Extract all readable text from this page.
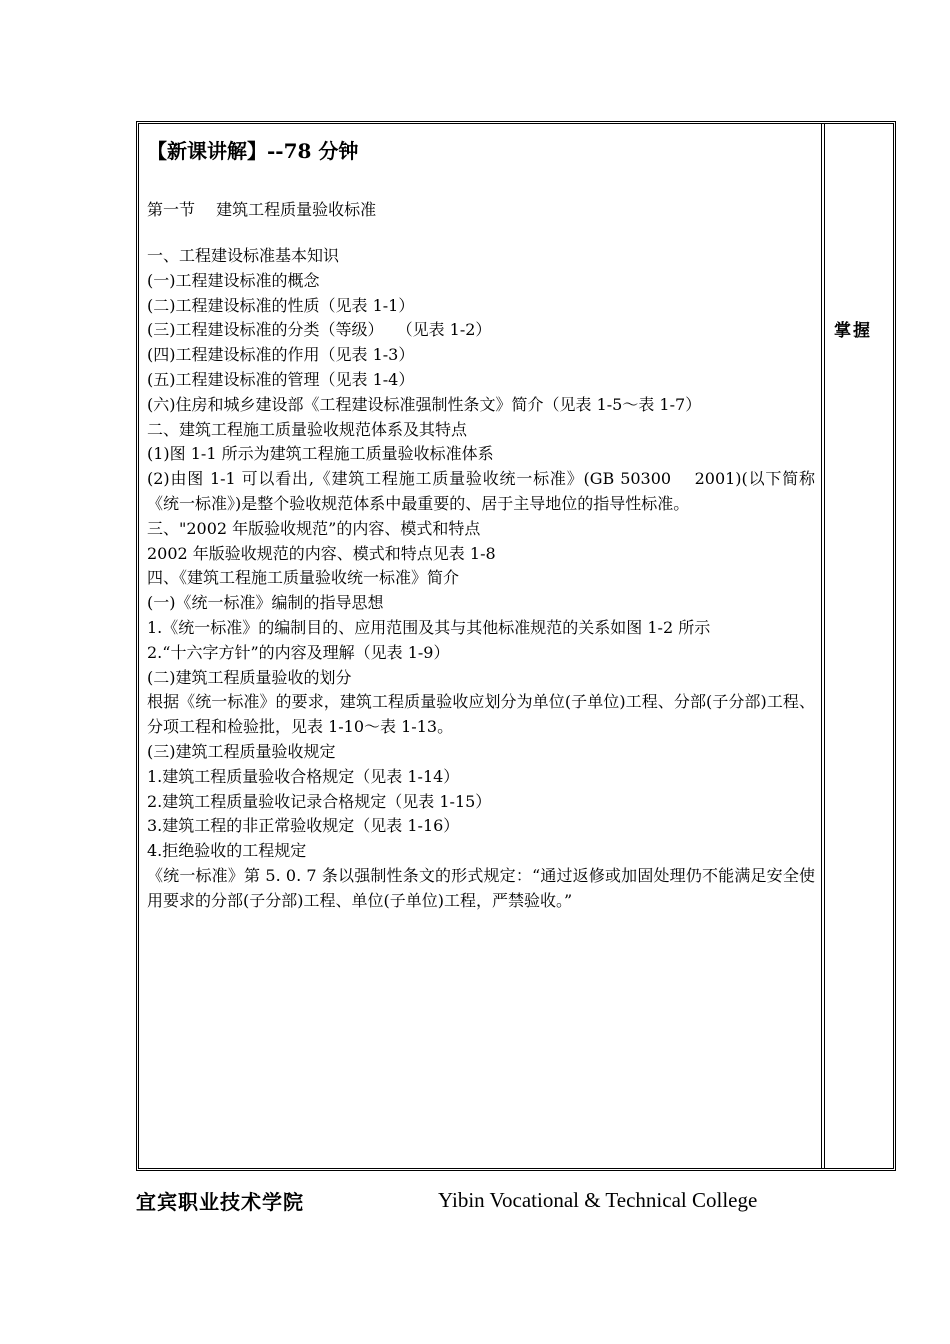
【新课讲解】--78 分钟
第一节　 建筑工程质量验收标准

一、工程建设标准基本知识

(一)工程建设标准的概念

(二)工程建设标准的性质（见表 1-1）

(三)工程建设标准的分类（等级）　 （见表 1-2）

(四)工程建设标准的作用（见表 1-3）

(五)工程建设标准的管理（见表 1-4）

(六)住房和城乡建设部《工程建设标准强制性条文》简介（见表 1-5～表 1-7）

二、建筑工程施工质量验收规范体系及其特点

(1)图 1-1 所示为建筑工程施工质量验收标准体系

(2)由图 1-1 可以看出,《建筑工程施工质量验收统一标准》(GB 50300　 2001)(以下简称《统一标准》)是整个验收规范体系中最重要的、居于主导地位的指导性标准。

三、"2002 年版验收规范”的内容、模式和特点

2002 年版验收规范的内容、模式和特点见表 1-8

四、《建筑工程施工质量验收统一标准》简介

(一)《统一标准》编制的指导思想

1.《统一标准》的编制目的、应用范围及其与其他标准规范的关系如图 1-2 所示

2.“十六字方针”的内容及理解（见表 1-9）

(二)建筑工程质量验收的划分

根据《统一标准》的要求，建筑工程质量验收应划分为单位(子单位)工程、分部(子分部)工程、分项工程和检验批，见表 1-10～表 1-13。

(三)建筑工程质量验收规定

1.建筑工程质量验收合格规定（见表 1-14）

2.建筑工程质量验收记录合格规定（见表 1-15）

3.建筑工程的非正常验收规定（见表 1-16）

4.拒绝验收的工程规定

《统一标准》第 5. 0. 7 条以强制性条文的形式规定：“通过返修或加固处理仍不能满足安全使用要求的分部(子分部)工程、单位(子单位)工程，严禁验收。”

掌握
宜宾职业技术学院	Yibin Vocational & Technical College
